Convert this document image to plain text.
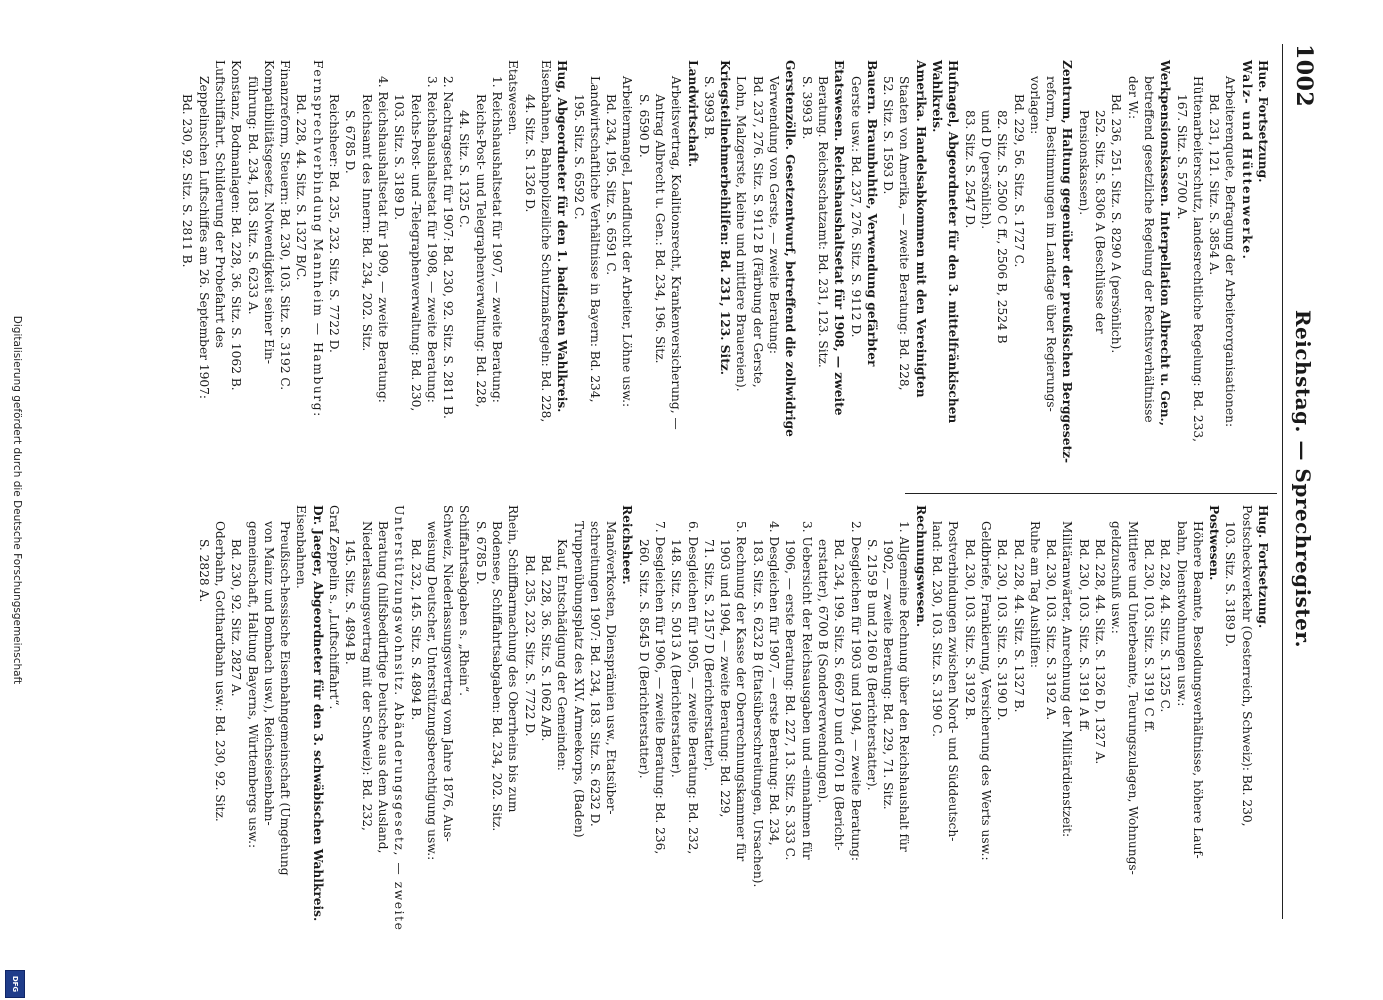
1002
Reichstag. — Sprechregister.

Hue. Fortsetzung.

Walz- und Hüttenwerke.

Arbeiterenquete, Befragung der Arbeiterorganisationen:

Bd. 231, 121. Sitz. S. 3854 A.

Hüttenarbeiterschutz, landesrechtliche Regelung: Bd. 233,

167. Sitz. S. 5700 A.

Werkpensionskassen. Interpellation Albrecht u. Gen.,

betreffend gesetzliche Regelung der Rechtsverhältnisse

der W.:

Bd. 236, 251. Sitz. S. 8290 A (persönlich).

252. Sitz. S. 8306 A (Beschlüsse der

Pensionskassen).

Zentrum, Haltung gegenüber der preußischen Berggesetz-

reform, Bestimmungen im Landtage über Regierungs-

vorlagen:

Bd. 229, 56. Sitz. S. 1727 C.

82. Sitz. S. 2500 C ff., 2506 B, 2524 B

und D (persönlich).

83. Sitz. S. 2547 D.

Hufnagel, Abgeordneter für den 3. mittelfränkischen Wahlkreis.

Amerika. Handelsabkommen mit den Vereinigten

Staaten von Amerika, — zweite Beratung: Bd. 228,

52. Sitz. S. 1593 D.

Bauern. Braunbuhtie, Verwendung gefärbter

Gerste usw.: Bd. 237, 276. Sitz. S. 9112 D.

Etatswesen. Reichshaushaltsetat für 1908, — zweite

Beratung. Reichsschatzamt: Bd. 231, 123. Sitz.

S. 3993 B.

Gerstenzölle. Gesetzentwurf, betreffend die zollwidrige

Verwendung von Gerste, — zweite Beratung:

Bd. 237, 276. Sitz. S. 9112 B (Färbung der Gerste,

Lohn, Malzgerste, kleine und mittlere Brauereien).

Kriegsteilnehmerbeihilfen: Bd. 231, 123. Sitz.

S. 3993 B.

Landwirtschaft.

Arbeitsvertrag, Koalitionsrecht, Krankenversicherung, —

Antrag Albrecht u. Gen.: Bd. 234, 196. Sitz.

S. 6590 D.

Arbeitermangel, Landflucht der Arbeiter, Löhne usw.:

Bd. 234, 195. Sitz. S. 6591 C.

Landwirtschaftliche Verhältnisse in Bayern: Bd. 234,

195. Sitz. S. 6592 C.

Hug, Abgeordneter für den 1. badischen Wahlkreis.

Eisenbahnen, Bahnpolizeiliche Schutzmaßregeln: Bd. 228,

44. Sitz. S. 1326 D.

Etatswesen.

1. Reichshaushaltsetat für 1907, — zweite Beratung:

Reichs-Post- und Telegraphenverwaltung: Bd. 228,

44. Sitz. S. 1325 C.

2. Nachtragsetat für 1907: Bd. 230, 92. Sitz. S. 2811 B.

3. Reichshaushaltsetat für 1908, — zweite Beratung:

Reichs-Post- und -Telegraphenverwaltung: Bd. 230,

103. Sitz. S. 3189 D.

4. Reichshaushaltsetat für 1909, — zweite Beratung:

Reichsamt des Innern: Bd. 234, 202. Sitz.

S. 6785 D.

Reichsheer: Bd. 235, 232. Sitz. S. 7722 D.

Fernsprechverbindung Mannheim — Hamburg:

Bd. 228, 44. Sitz. S. 1327 B/C.

Finanzreform, Steuern: Bd. 230, 103. Sitz. S. 3192 C.

Kompatibilitätsgesetz. Notwendigkeit seiner Ein-

führung: Bd. 234, 183. Sitz. S. 6233 A.

Konstanz, Bodmanlagen: Bd. 228, 36. Sitz. S. 1062 B.

Luftschiffahrt. Schilderung der Probefahrt des

Zeppelinschen Luftschiffes am 26. September 1907:

Bd. 230, 92. Sitz. S. 2811 B.

Hug. Fortsetzung.

Postscheckverkehr (Oesterreich, Schweiz): Bd. 230,

103. Sitz. S. 3189 D.

Postwesen.

Höhere Beamte, Besoldungsverhältnisse, höhere Lauf-

bahn, Dienstwohnungen usw.:

Bd. 228, 44. Sitz. S. 1325 C.

Bd. 230, 103. Sitz. S. 3191 C ff.

Mittlere und Unterbeamte, Teurungszulagen, Wohnungs-

geldzuschuß usw.:

Bd. 228, 44. Sitz. S. 1326 D, 1327 A.

Bd. 230, 103. Sitz. S. 3191 A ff.

Militäranwärter, Anrechnung der Militärdienstzeit:

Bd. 230, 103. Sitz. S. 3192 A.

Ruhe am Tag Aushilfen:

Bd. 228, 44. Sitz. S. 1327 B.

Bd. 230, 103. Sitz. S. 3190 D.

Geldbriefe, Frankierung, Versicherung des Werts usw.:

Bd. 230, 103. Sitz. S. 3192 B.

Postverbindungen zwischen Nord- und Süddeutsch-

land: Bd. 230, 103. Sitz. S. 3190 C.

Rechnungswesen.

1. Allgemeine Rechnung über den Reichshaushalt für

1902, — zweite Beratung: Bd. 229, 71. Sitz.

S. 2159 B und 2160 B (Berichterstatter).

2. Desgleichen für 1903 und 1904, — zweite Beratung:

Bd. 234, 199. Sitz. S. 6697 D und 6701 B (Bericht-

erstatter), 6700 B (Sonderverwendungen).

3. Uebersicht der Reichsausgaben und -einnahmen für

1906, — erste Beratung: Bd. 227, 13. Sitz. S. 333 C.

4. Desgleichen für 1907, — erste Beratung: Bd. 234,

183. Sitz. S. 6232 B (Etatsüberschreitungen, Ursachen).

5. Rechnung der Kasse der Oberrechnungskammer für

1903 und 1904, — zweite Beratung: Bd. 229,

71. Sitz. S. 2157 D (Berichterstatter).

6. Desgleichen für 1905, — zweite Beratung: Bd. 232,

148. Sitz. S. 5013 A (Berichterstatter).

7. Desgleichen für 1906, — zweite Beratung: Bd. 236,

260. Sitz. S. 8545 D (Berichterstatter).

Reichsheer.

Manöverkosten, Diensprämien usw., Etatsüber-

schreitungen 1907: Bd. 234, 183. Sitz. S. 6232 D.

Truppenübungsplatz des XIV. Armeekorps, (Baden)

Kauf, Entschädigung der Gemeinden:

Bd. 228, 36. Sitz. S. 1062 A/B.

Bd. 235, 232. Sitz. S. 7722 D.

Rhein, Schiffbarmachung des Oberrheins bis zum

Bodensee, Schiffahrtsabgaben: Bd. 234, 202. Sitz.

S. 6785 D.

Schiffahrtsabgaben s. „Rhein“.

Schweiz, Niederlassungsvertrag vom Jahre 1876, Aus-

weisung Deutscher, Unterstützungsberechtigung usw.:

Bd. 232, 145. Sitz. S. 4894 B.

Unterstützungswohnsitz. Abänderungsgesetz, — zweite

Beratung (hilfsbedürftige Deutsche aus dem Ausland,

Niederlassungsvertrag mit der Schweiz): Bd. 232,

145. Sitz. S. 4894 B.

Graf Zeppelin s. „Luftschiffahrt“.

Dr. Jaeger, Abgeordneter für den 3. schwäbischen Wahlkreis.

Eisenbahnen.

Preußisch-hessische Eisenbahngemeinschaft (Umgehung

von Mainz und Bombach usw.), Reichseisenbahn-

gemeinschaft, Haltung Bayerns, Württembergs usw.:

Bd. 230, 92. Sitz. 2827 A.

Oderbahn, Gotthardbahn usw.: Bd. 230, 92. Sitz.

S. 2828 A.

Digitalisierung gefördert durch die Deutsche Forschungsgemeinschaft
DFG
